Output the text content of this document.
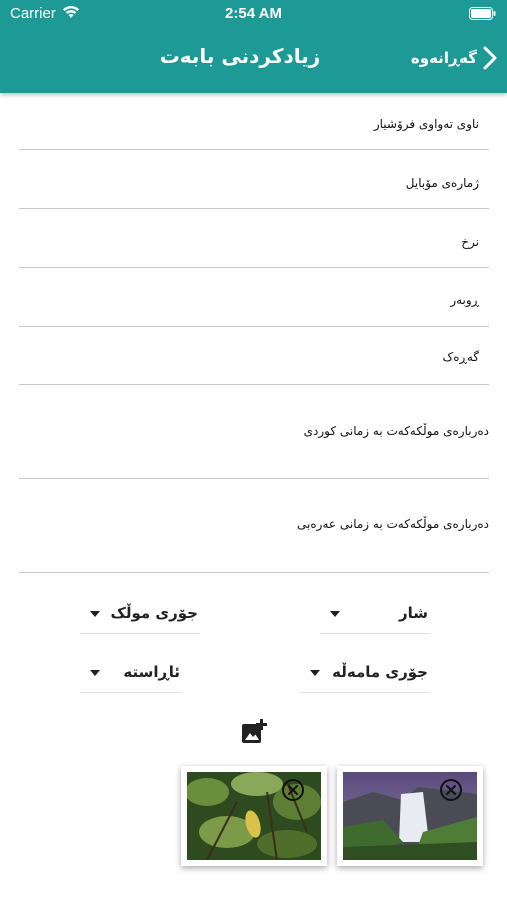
Carrier	2:54 AM
زیادکردنی بابەت	گەڕانەوە
ناوی تەواوی فرۆشیار
ژمارەی مۆبایل
نرخ
ڕوبەر
گەڕەک
دەربارەی موڵکەکەت بە زمانی کوردی
دەربارەی موڵکەکەت بە زمانی عەرەبی
شار
جۆری موڵک
جۆری مامەڵە
ئاڕاستە
